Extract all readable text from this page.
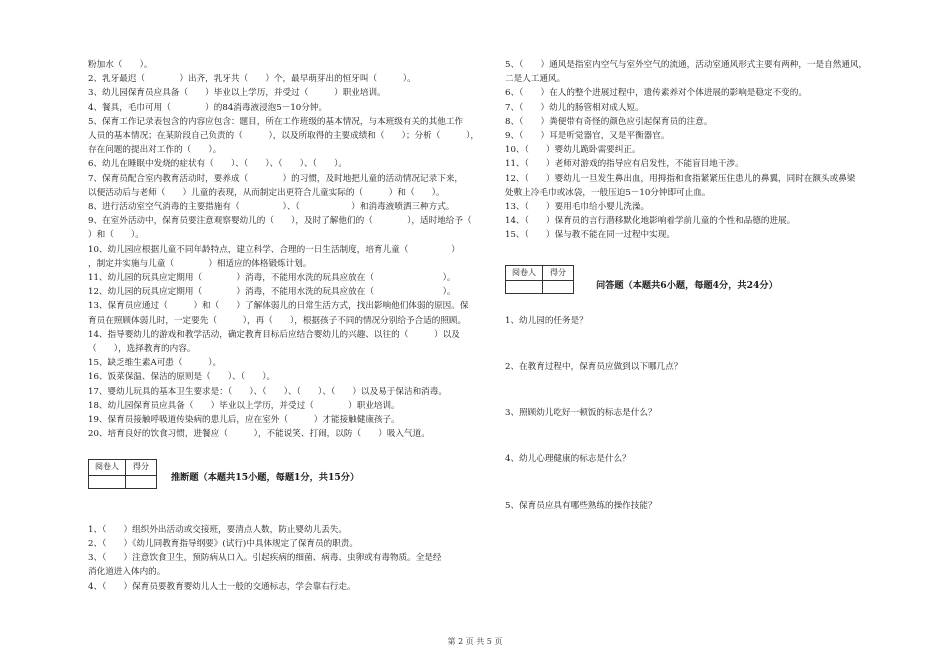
粉加水（　　）。
2、乳牙最迟（　　　　）出齐，乳牙共（　　）个，最早萌芽出的恒牙叫（　　　）。
3、幼儿园保育员应具备（　　）毕业以上学历，并受过（　　　）职业培训。
4、餐具，毛巾可用（　　　　）的84消毒液浸泡5－10分钟。
5、保育工作记录表包含的内容应包含：题目，所在工作班级的基本情况，与本班级有关的其他工作
人员的基本情况；在某阶段自己负责的（　　　），以及所取得的主要成绩和（　　）；分析（　　　），
存在问题的提出对工作的（　　）。
6、幼儿在睡眠中发烧的症状有（　　）、（　　）、（　　）、（　　）。
7、保育员配合室内教育活动时，要养成（　　　　）的习惯，及时地把儿童的活动情况记录下来，
以便活动后与老师（　　）儿童的表现，从而制定出更符合儿童实际的（　　　）和（　　）。
8、进行活动室空气消毒的主要措施有（　　　　　）、（　　　　　　）和消毒液喷洒三种方式。
9、在室外活动中，保育员要注意观察婴幼儿的（　　），及时了解他们的（　　　　），适时地给予（
）和（　　）。
10、幼儿园应根据儿童不同年龄特点，建立科学、合理的一日生活制度，培育儿童（　　　　　）
，制定并实施与儿童（　　　　）相适应的体格锻炼计划。
11、幼儿园的玩具应定期用（　　　　）消毒，不能用水洗的玩具应放在（　　　　　　　　）。
12、幼儿园的玩具应定期用（　　　　）消毒，不能用水洗的玩具应放在（　　　　　　　　）。
13、保育员应通过（　　　）和（　　）了解体弱儿的日常生活方式，找出影响他们体弱的原因。保
育员在照顾体弱儿时，一定要先（　　　），再（　　），根据孩子不同的情况分别给予合适的照顾。
14、指导婴幼儿的游戏和教学活动，确定教育目标后应结合婴幼儿的兴趣、以往的（　　　）以及
（　　），选择教育的内容。
15、缺乏维生素A可患（　　　）。
16、饭菜保温、保洁的原则是（　　）、（　　）。
17、婴幼儿玩具的基本卫生要求是：（　　）、（　　）、（　　）、（　　）以及易于保洁和消毒。
18、幼儿园保育员应具备（　　）毕业以上学历，并受过（　　　　）职业培训。
19、保育员接触呼吸道传染病的患儿后，应在室外（　　　）才能接触健康孩子。
20、培育良好的饮食习惯，进餐应（　　　），不能说笑、打闹，以防（　　）吸入气道。
阅卷人	得分

推断题（本题共15小题，每题1分，共15分）
1、（　　）组织外出活动或交接班，要清点人数，防止婴幼儿丢失。
2、（　　）《幼儿同教育指导纲要》(试行)中具体规定了保育员的职责。
3、（　　）注意饮食卫生，预防病从口入。引起疾病的细菌、病毒、虫卵或有毒物质。全是经
消化道进入体内的。
4、（　　）保育员要教育婴幼儿人士一般的交通标志，学会靠右行走。
5、（　　）通风是指室内空气与室外空气的流通，活动室通风形式主要有两种，一是自然通风，
二是人工通风。
6、（　　）在人的整个进展过程中，遗传素养对个体进展的影响是稳定不变的。
7、（　　）幼儿的肠管相对成人短。
8、（　　）粪便带有奇怪的颜色应引起保育员的注意。
9、（　　）耳是听觉器官，又是平衡器官。
10、（　　）婴幼儿跪卧需要纠正。
11、（　　）老师对游戏的指导应有启发性，不能盲目地干涉。
12、（　　）婴幼儿一旦发生鼻出血，用拇指和食指紧紧压住患儿的鼻翼，同时在额头或鼻梁
处敷上冷毛巾或冰袋，一般压迫5－10分钟即可止血。
13、（　　）要用毛巾给小婴儿洗澡。
14、（　　）保育员的言行潜移默化地影响着学前儿童的个性和品德的进展。
15、（　　）保与教不能在同一过程中实现。
阅卷人	得分

问答题（本题共6小题，每题4分，共24分）
1、幼儿园的任务是？
2、在教育过程中，保育员应做到以下哪几点？
3、照顾幼儿吃好一顿饭的标志是什么？
4、幼儿心理健康的标志是什么？
5、保育员应具有哪些熟练的操作技能？
第 2 页 共 5 页
